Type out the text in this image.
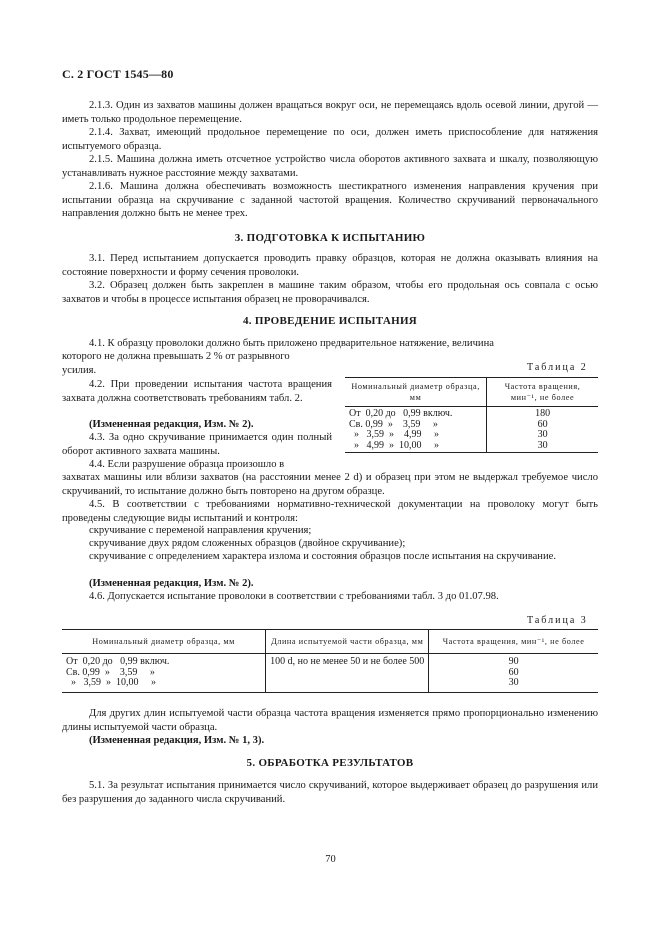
С. 2 ГОСТ 1545—80
2.1.3. Один из захватов машины должен вращаться вокруг оси, не перемещаясь вдоль осевой линии, другой — иметь только продольное перемещение.
2.1.4. Захват, имеющий продольное перемещение по оси, должен иметь приспособление для натяжения испытуемого образца.
2.1.5. Машина должна иметь отсчетное устройство числа оборотов активного захвата и шкалу, позволяющую устанавливать нужное расстояние между захватами.
2.1.6. Машина должна обеспечивать возможность шестикратного изменения направления кручения при испытании образца на скручивание с заданной частотой вращения. Количество скручиваний первоначального направления должно быть не менее трех.
3. ПОДГОТОВКА К ИСПЫТАНИЮ
3.1. Перед испытанием допускается проводить правку образцов, которая не должна оказывать влияния на состояние поверхности и форму сечения проволоки.
3.2. Образец должен быть закреплен в машине таким образом, чтобы его продольная ось совпала с осью захватов и чтобы в процессе испытания образец не проворачивался.
4. ПРОВЕДЕНИЕ ИСПЫТАНИЯ
4.1. К образцу проволоки должно быть приложено предварительное натяжение, величина
которого не должна превышать 2 % от разрывного
усилия.	Таблица 2
4.2. При проведении испытания частота вращения захвата должна соответствовать требованиям табл. 2.
(Измененная редакция, Изм. № 2).
4.3. За одно скручивание принимается один полный оборот активного захвата машины.
4.4. Если разрушение образца произошло в
захватах машины или вблизи захватов (на расстоянии менее 2 d) и образец при этом не выдержал требуемое число скручиваний, то испытание должно быть повторено на другом образце.
4.5. В соответствии с требованиями нормативно-технической документации на проволоку могут быть проведены следующие виды испытаний и контроля:
скручивание с переменой направления кручения;
скручивание двух рядом сложенных образцов (двойное скручивание);
скручивание с определением характера излома и состояния образцов после испытания на скручивание.
(Измененная редакция, Изм. № 2).
4.6. Допускается испытание проволоки в соответствии с требованиями табл. 3 до 01.07.98.
Номинальный диаметр образца, мм	Частота вращения, мин⁻¹, не более
От  0,20 до   0,99 включ.	180
Св. 0,99  »    3,59     »	60
»   3,59  »    4,99     »	30
»   4,99  »  10,00     »	30
Таблица 3
Номинальный диаметр образца, мм	Длина испытуемой части образца, мм	Частота вращения, мин⁻¹, не более
От  0,20 до   0,99 включ.	100 d, но не менее 50 и не более 500	90
Св. 0,99  »    3,59     »		60
»   3,59  »  10,00     »		30
Для других длин испытуемой части образца частота вращения изменяется прямо пропорционально изменению длины испытуемой части образца.
(Измененная редакция, Изм. № 1, 3).
5. ОБРАБОТКА РЕЗУЛЬТАТОВ
5.1. За результат испытания принимается число скручиваний, которое выдерживает образец до разрушения или без разрушения до заданного числа скручиваний.
70
